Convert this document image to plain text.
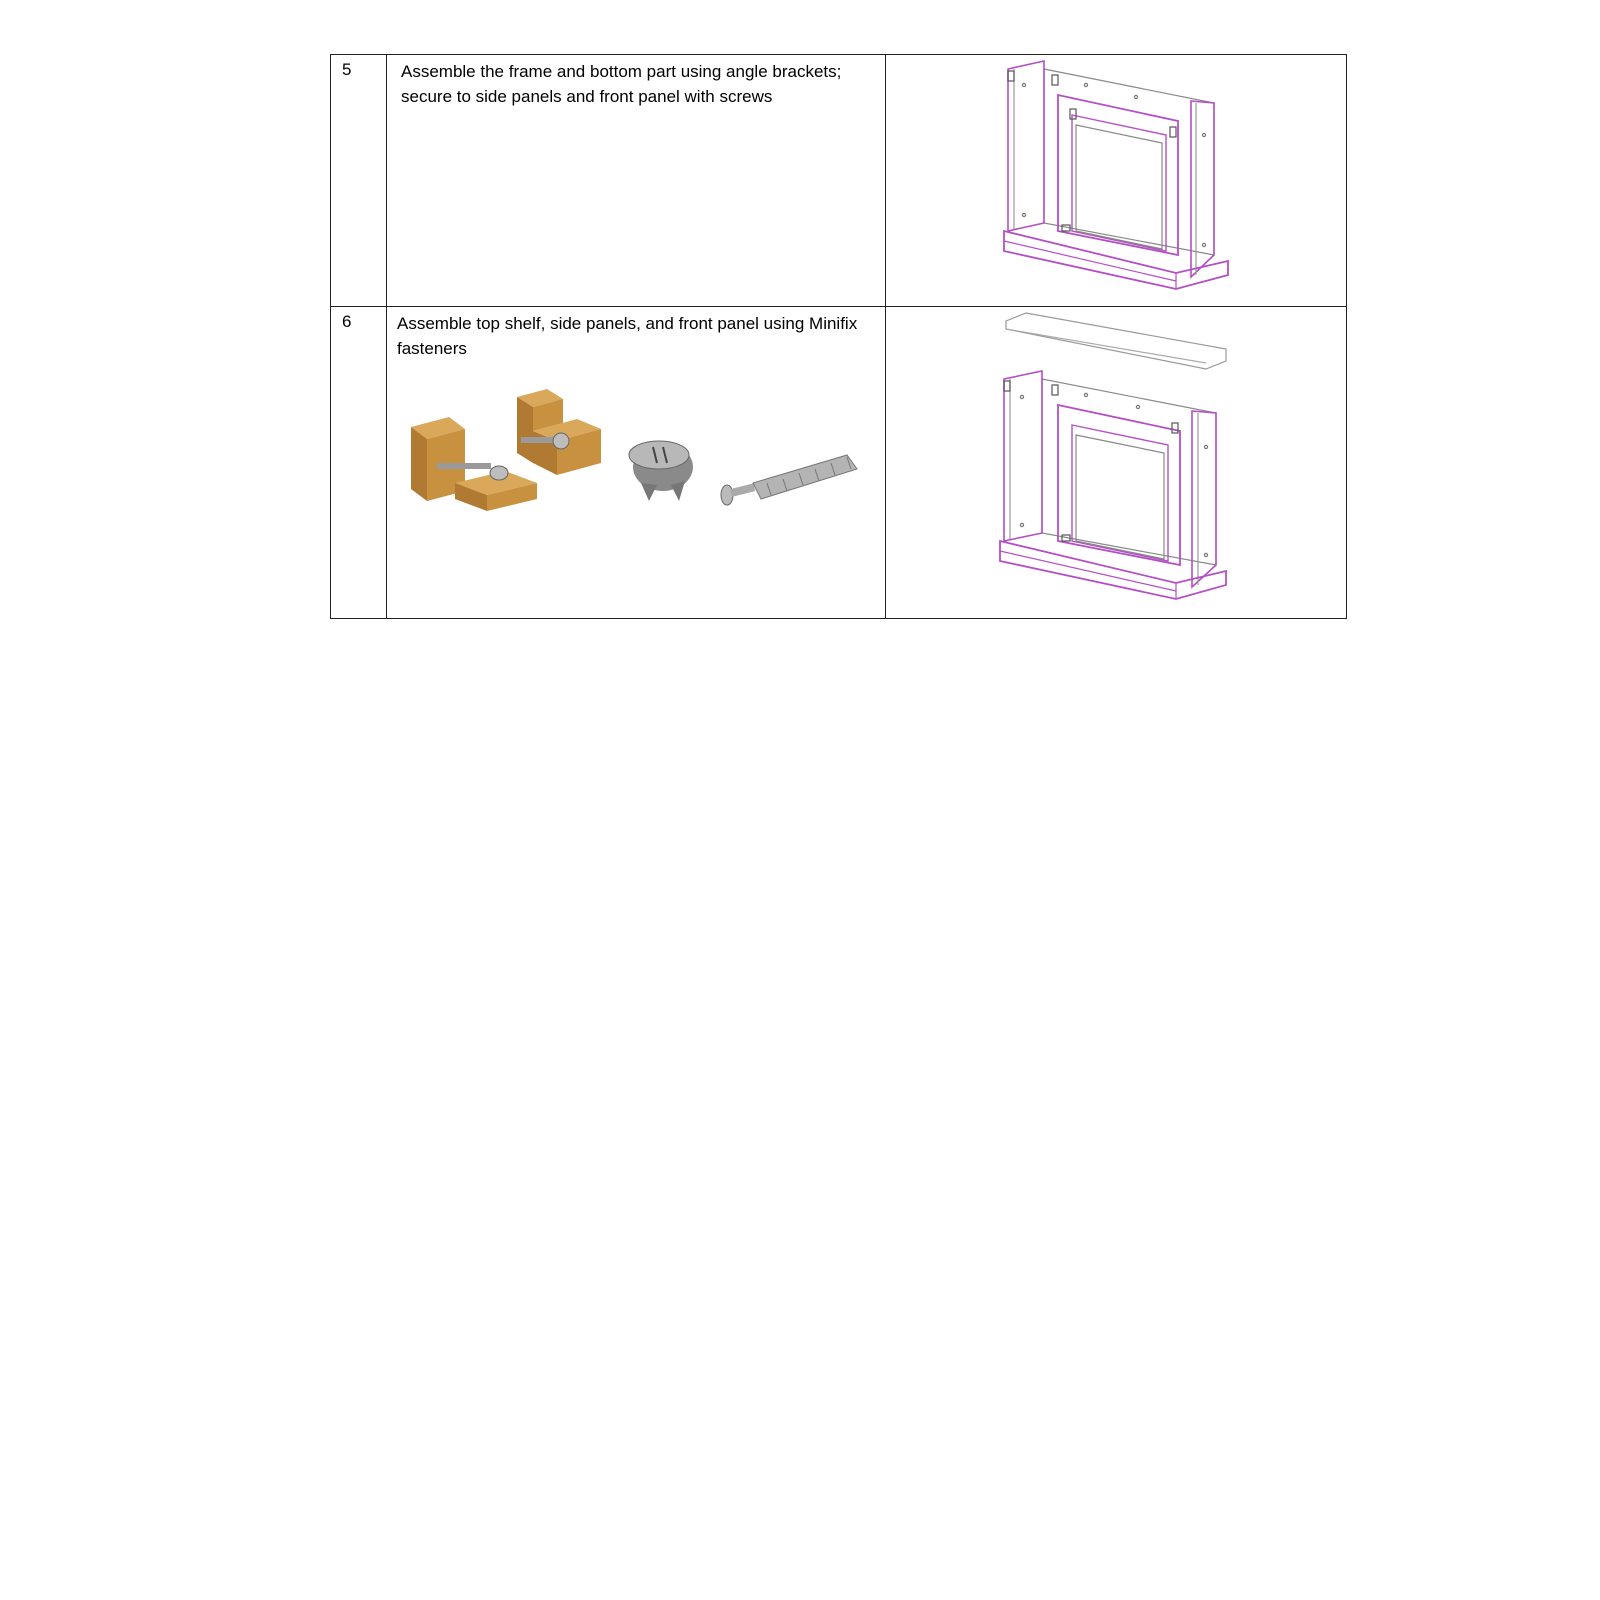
5	Assemble the frame and bottom part using angle brackets; secure to side panels and front panel with screws

6	Assemble top shelf, side panels, and front panel using Minifix fasteners
